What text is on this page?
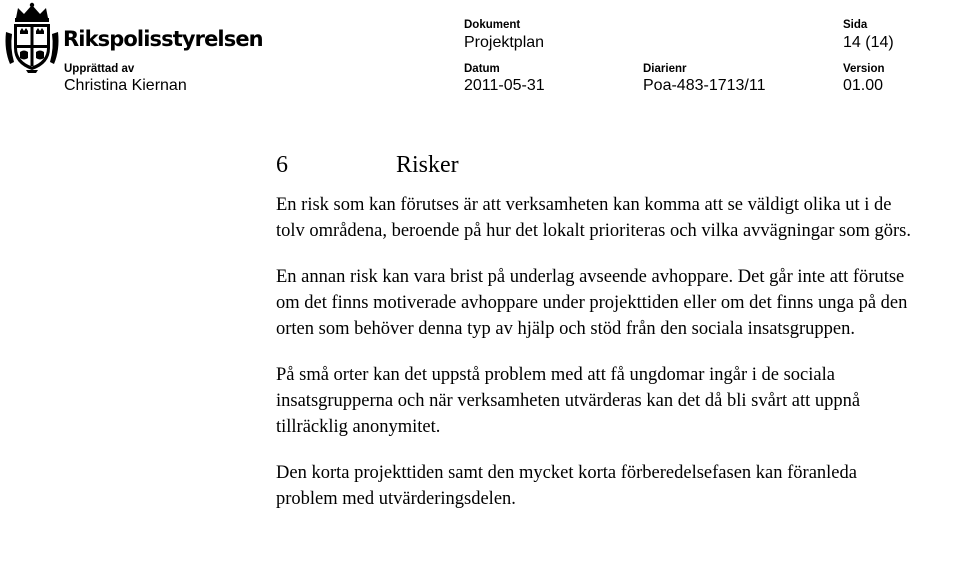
Rikspolisstyrelsen
Dokument
Projektplan
Sida
14 (14)
Upprättad av
Christina Kiernan
Datum
2011-05-31
Diarienr
Poa-483-1713/11
Version
01.00
6	Risker

En risk som kan förutses är att verksamheten kan komma att se väldigt olika ut i de tolv områdena, beroende på hur det lokalt prioriteras och vilka avvägningar som görs.

En annan risk kan vara brist på underlag avseende avhoppare. Det går inte att förutse om det finns motiverade avhoppare under projekttiden eller om det finns unga på den orten som behöver denna typ av hjälp och stöd från den sociala insatsgruppen.

På små orter kan det uppstå problem med att få ungdomar ingår i de sociala insatsgrupperna och när verksamheten utvärderas kan det då bli svårt att uppnå tillräcklig anonymitet.

Den korta projekttiden samt den mycket korta förberedelsefasen kan föranleda problem med utvärderingsdelen.
